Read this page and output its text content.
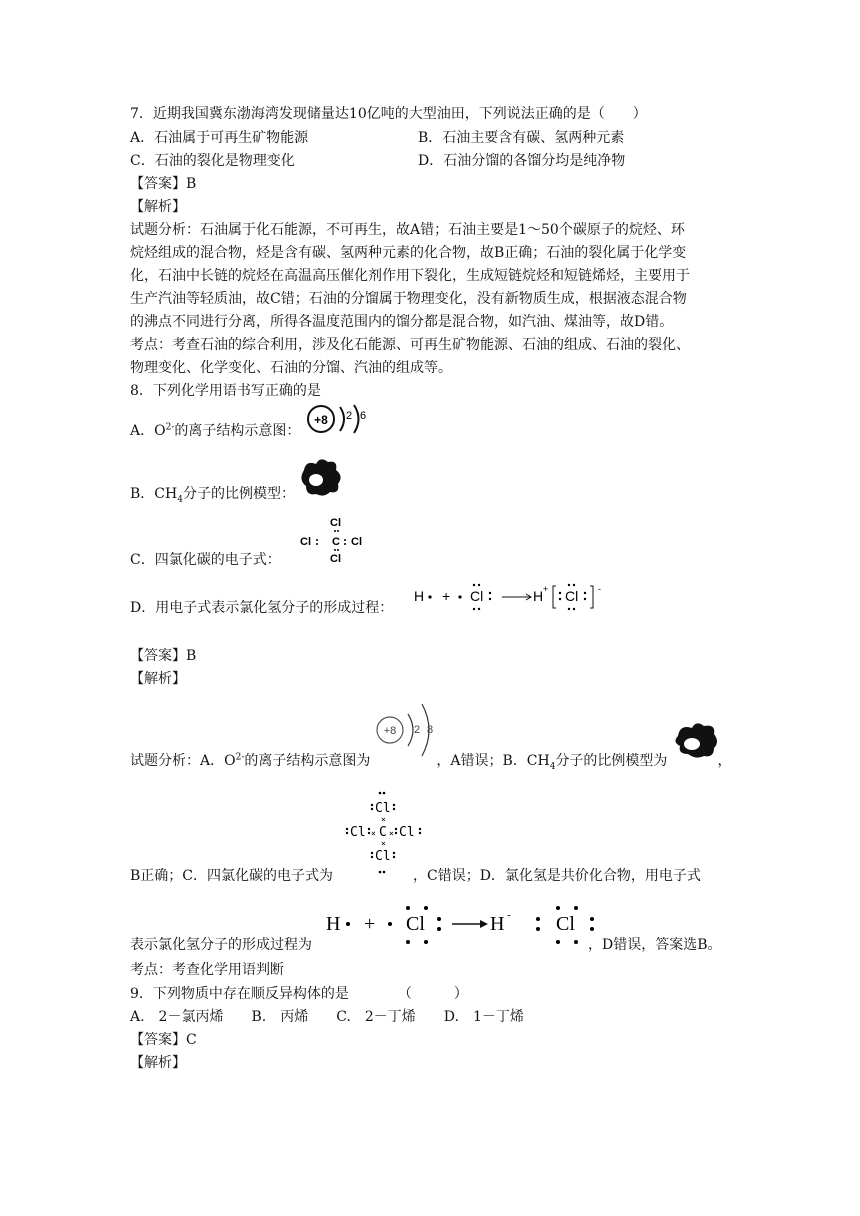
7．近期我国冀东渤海湾发现储量达10亿吨的大型油田，下列说法正确的是（　　）
A．石油属于可再生矿物能源	B．石油主要含有碳、氢两种元素
C．石油的裂化是物理变化	D．石油分馏的各馏分均是纯净物
【答案】B
【解析】
试题分析：石油属于化石能源，不可再生，故A错；石油主要是1～50个碳原子的烷烃、环
烷烃组成的混合物，烃是含有碳、氢两种元素的化合物，故B正确；石油的裂化属于化学变
化，石油中长链的烷烃在高温高压催化剂作用下裂化，生成短链烷烃和短链烯烃，主要用于
生产汽油等轻质油，故C错；石油的分馏属于物理变化，没有新物质生成，根据液态混合物
的沸点不同进行分离，所得各温度范围内的馏分都是混合物，如汽油、煤油等，故D错。
考点：考查石油的综合利用，涉及化石能源、可再生矿物能源、石油的组成、石油的裂化、
物理变化、化学变化、石油的分馏、汽油的组成等。
8．下列化学用语书写正确的是
A．$O^{2-}$的离子结构示意图：
+8 2 6
B．$CH_4$分子的比例模型：
C．四氯化碳的电子式：
Cl
Cl C Cl
Cl
D．用电子式表示氯化氢分子的形成过程：
H + Cl	H + Cl -
【答案】B
【解析】
+8 2 8
试题分析：A．$O^{2-}$的离子结构示意图为	，A错误；B．$CH_4$分子的比例模型为	，
Cl
×
Cl × C × Cl
×
Cl
B正确；C．四氯化碳的电子式为	，C错误；D．氯化氢是共价化合物，用电子式
H + Cl	H - Cl
表示氯化氢分子的形成过程为	，D错误，答案选B。
考点：考查化学用语判断
9．下列物质中存在顺反异构体的是　　　　（　　　）
A.　2－氯丙烯　　B.　丙烯　　C.　2－丁烯　　D.　1－丁烯
【答案】C
【解析】
